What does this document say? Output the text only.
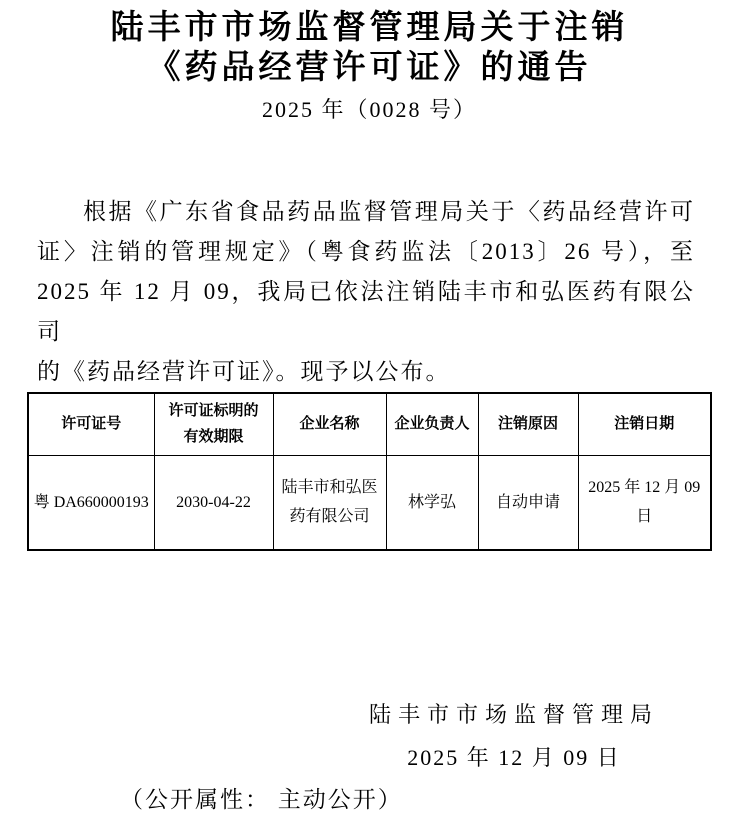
陆丰市市场监督管理局关于注销
《药品经营许可证》的通告
2025 年（0028 号）
根据《广东省食品药品监督管理局关于〈药品经营许可
证〉注销的管理规定》（粤食药监法〔2013〕26 号），至
2025 年 12 月 09，我局已依法注销陆丰市和弘医药有限公司
的《药品经营许可证》。现予以公布。
许可证号	许可证标明的有效期限	企业名称	企业负责人	注销原因	注销日期
粤 DA660000193	2030-04-22	陆丰市和弘医药有限公司	林学弘	自动申请	2025 年 12 月 09 日
陆丰市市场监督管理局
2025 年 12 月 09 日
（公开属性： 主动公开）
